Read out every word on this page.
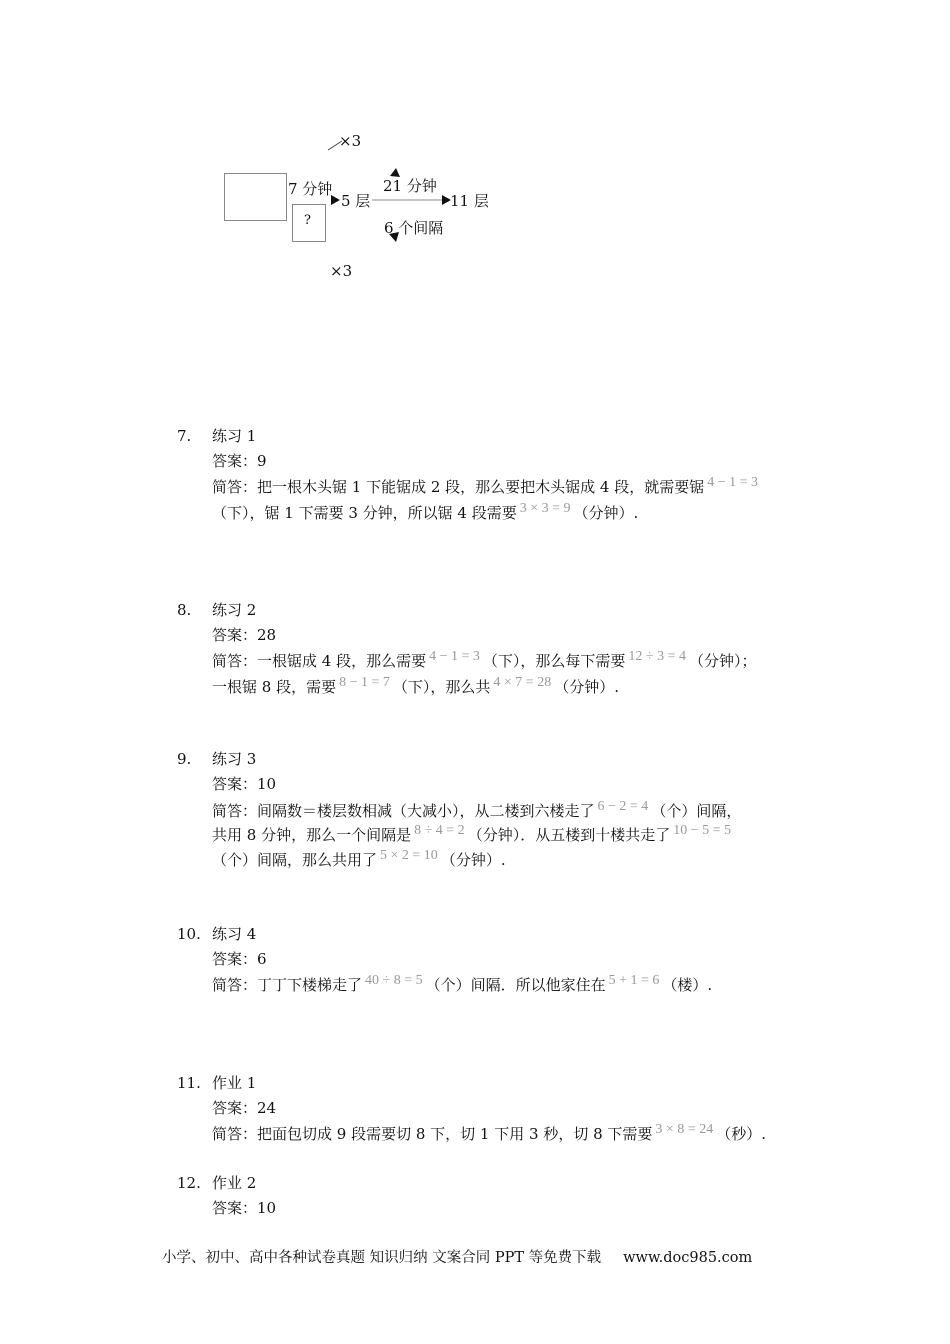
?
×3
7 分钟
5 层
21 分钟
11 层
6 个间隔
×3
7. 练习 1
答案：9
简答：把一根木头锯 1 下能锯成 2 段，那么要把木头锯成 4 段，就需要锯 4 − 1 = 3
（下），锯 1 下需要 3 分钟，所以锯 4 段需要 3 × 3 = 9 （分钟）.
8. 练习 2
答案：28
简答：一根锯成 4 段，那么需要 4 − 1 = 3 （下），那么每下需要 12 ÷ 3 = 4 （分钟）；
一根锯 8 段，需要 8 − 1 = 7 （下），那么共 4 × 7 = 28 （分钟）.
9. 练习 3
答案：10
简答：间隔数＝楼层数相减（大减小），从二楼到六楼走了 6 − 2 = 4 （个）间隔，
共用 8 分钟，那么一个间隔是 8 ÷ 4 = 2 （分钟）．从五楼到十楼共走了 10 − 5 = 5
（个）间隔，那么共用了 5 × 2 = 10 （分钟）.
10. 练习 4
答案：6
简答：丁丁下楼梯走了 40 ÷ 8 = 5 （个）间隔．所以他家住在 5 + 1 = 6 （楼）.
11. 作业 1
答案：24
简答：把面包切成 9 段需要切 8 下，切 1 下用 3 秒，切 8 下需要 3 × 8 = 24 （秒）.
12. 作业 2
答案：10
小学、初中、高中各种试卷真题 知识归纳 文案合同 PPT 等免费下载 www.doc985.com
